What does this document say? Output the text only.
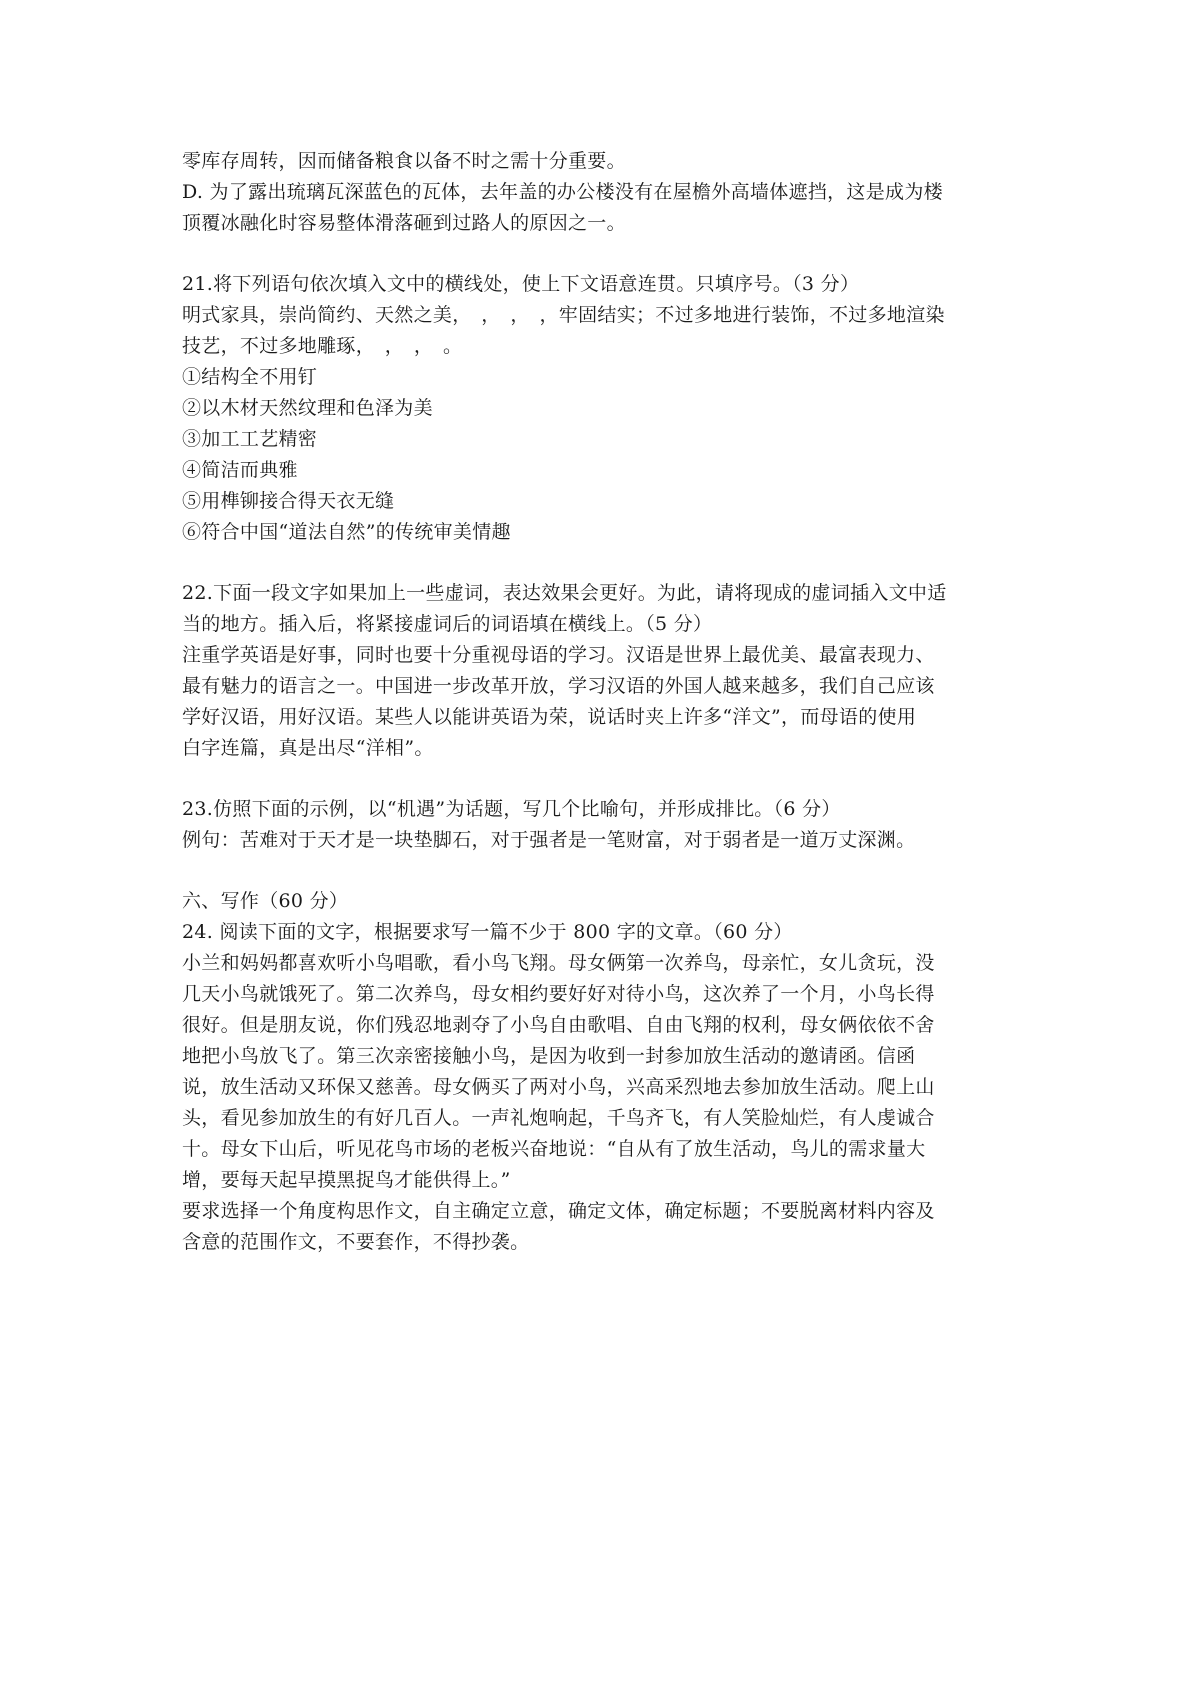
零库存周转，因而储备粮食以备不时之需十分重要。
D. 为了露出琉璃瓦深蓝色的瓦体，去年盖的办公楼没有在屋檐外高墙体遮挡，这是成为楼
顶覆冰融化时容易整体滑落砸到过路人的原因之一。
21.将下列语句依次填入文中的横线处，使上下文语意连贯。只填序号。（3 分）
明式家具，崇尚简约、天然之美，　，　，　，牢固结实；不过多地进行装饰，不过多地渲染
技艺，不过多地雕琢，　，　，　。
①结构全不用钉
②以木材天然纹理和色泽为美
③加工工艺精密
④简洁而典雅
⑤用榫铆接合得天衣无缝
⑥符合中国“道法自然”的传统审美情趣
22.下面一段文字如果加上一些虚词，表达效果会更好。为此，请将现成的虚词插入文中适
当的地方。插入后，将紧接虚词后的词语填在横线上。（5 分）
注重学英语是好事，同时也要十分重视母语的学习。汉语是世界上最优美、最富表现力、
最有魅力的语言之一。中国进一步改革开放，学习汉语的外国人越来越多，我们自己应该
学好汉语，用好汉语。某些人以能讲英语为荣，说话时夹上许多“洋文”，而母语的使用
白字连篇，真是出尽“洋相”。
23.仿照下面的示例，以“机遇”为话题，写几个比喻句，并形成排比。（6 分）
例句：苦难对于天才是一块垫脚石，对于强者是一笔财富，对于弱者是一道万丈深渊。
六、写作（60 分）
24. 阅读下面的文字，根据要求写一篇不少于 800 字的文章。（60 分）
小兰和妈妈都喜欢听小鸟唱歌，看小鸟飞翔。母女俩第一次养鸟，母亲忙，女儿贪玩，没
几天小鸟就饿死了。第二次养鸟，母女相约要好好对待小鸟，这次养了一个月，小鸟长得
很好。但是朋友说，你们残忍地剥夺了小鸟自由歌唱、自由飞翔的权利，母女俩依依不舍
地把小鸟放飞了。第三次亲密接触小鸟，是因为收到一封参加放生活动的邀请函。信函
说，放生活动又环保又慈善。母女俩买了两对小鸟，兴高采烈地去参加放生活动。爬上山
头，看见参加放生的有好几百人。一声礼炮响起，千鸟齐飞，有人笑脸灿烂，有人虔诚合
十。母女下山后，听见花鸟市场的老板兴奋地说：“自从有了放生活动，鸟儿的需求量大
增，要每天起早摸黑捉鸟才能供得上。”
要求选择一个角度构思作文，自主确定立意，确定文体，确定标题；不要脱离材料内容及
含意的范围作文，不要套作，不得抄袭。
